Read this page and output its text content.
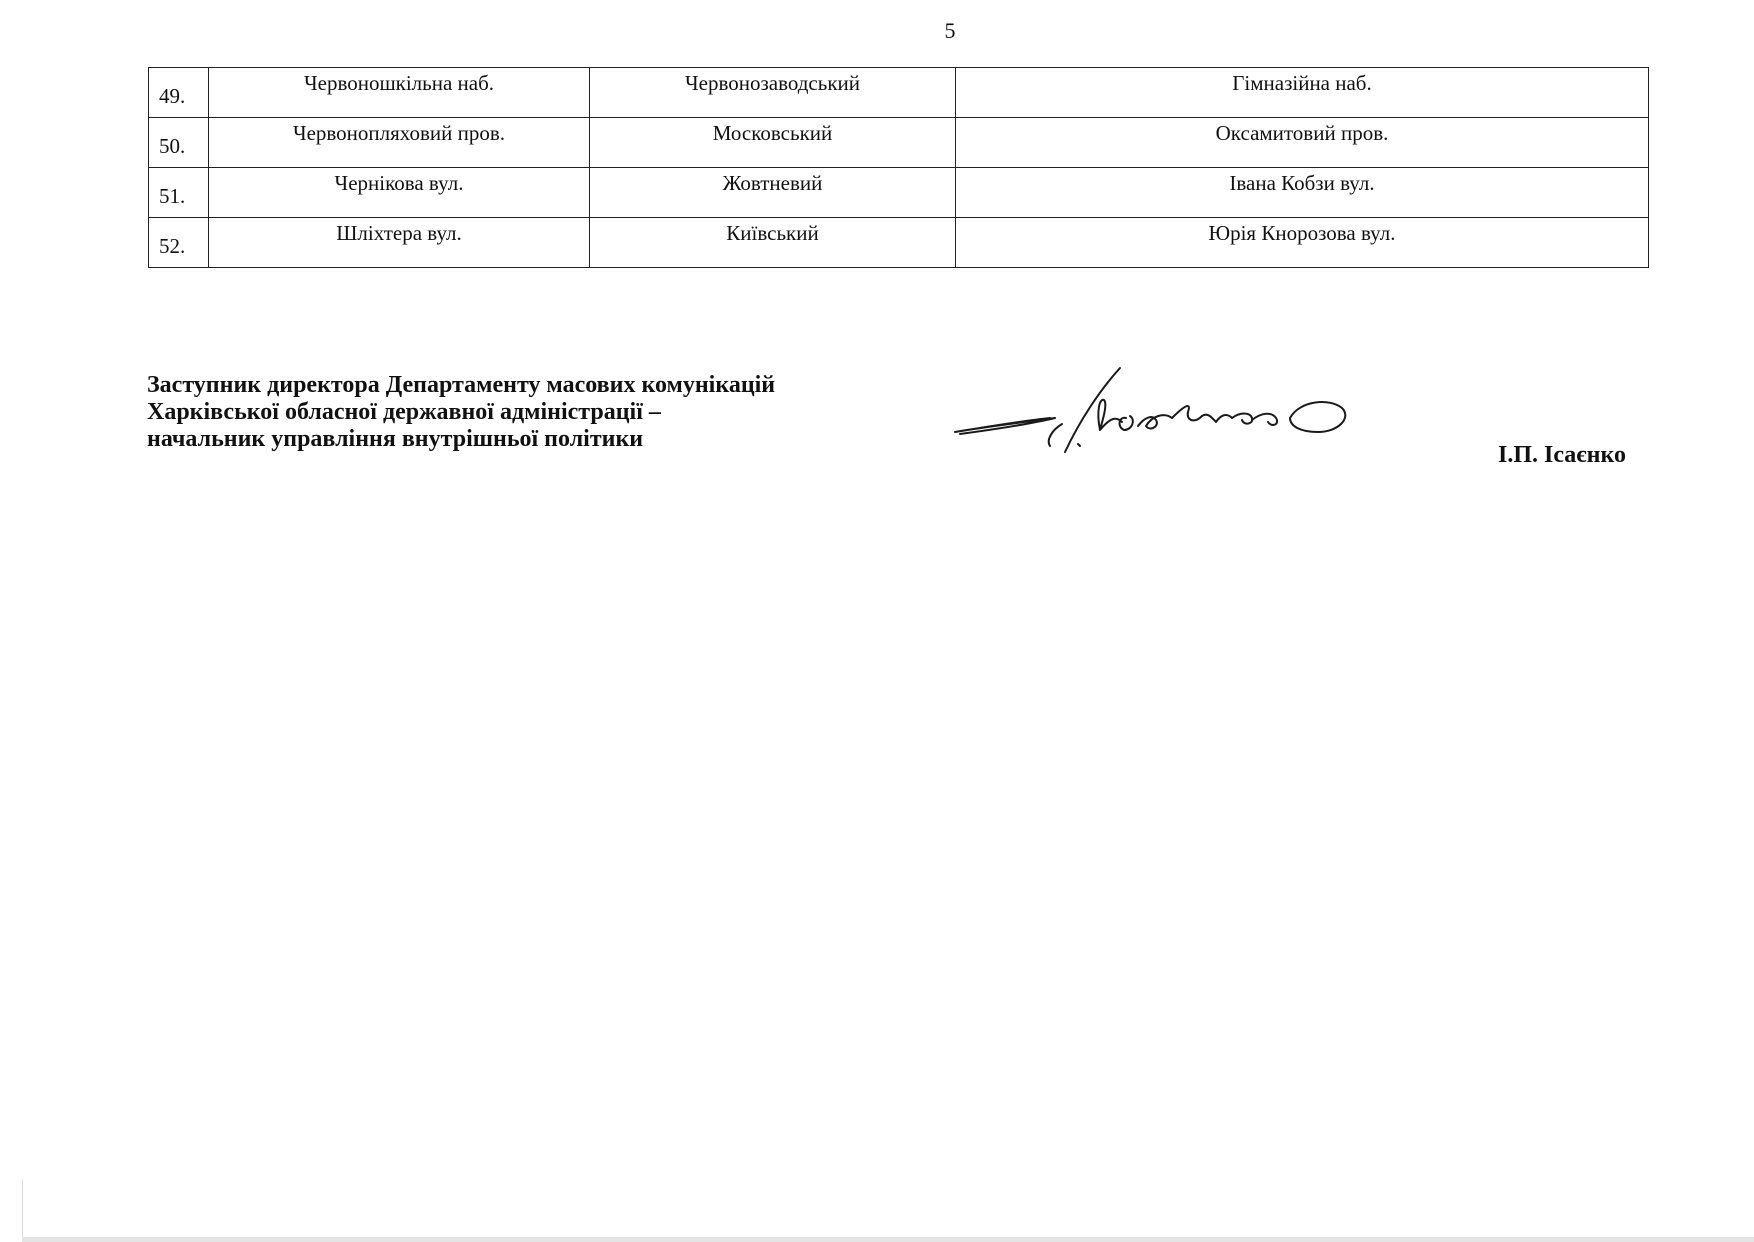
5
49.	Червоношкільна наб.	Червонозаводський	Гімназійна наб.
50.	Червонопляховий пров.	Московський	Оксамитовий пров.
51.	Чернікова вул.	Жовтневий	Івана Кобзи вул.
52.	Шліхтера вул.	Київський	Юрія Кнорозова вул.
Заступник директора Департаменту масових комунікацій
Харківської обласної державної адміністрації –
начальник управління внутрішньої політики
І.П. Ісаєнко
